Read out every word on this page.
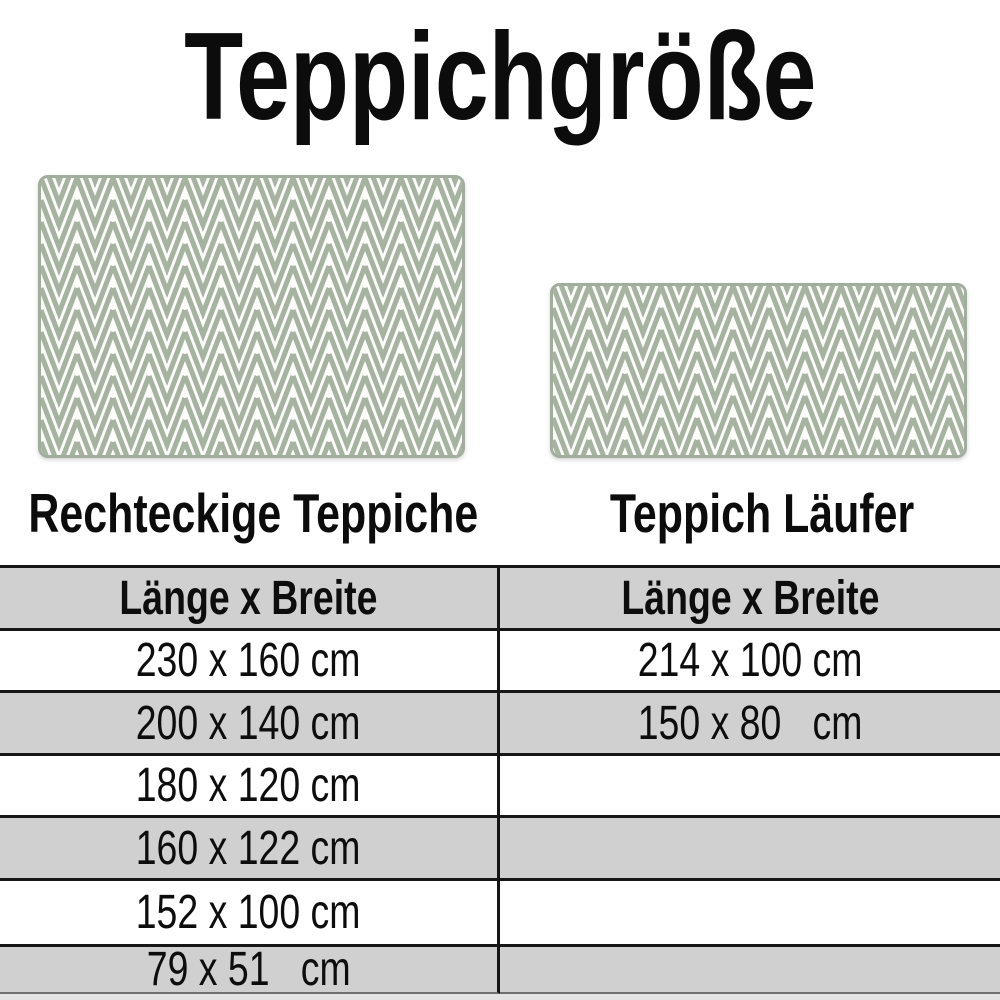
Teppichgröße
Rechteckige Teppiche Teppich Läufer
Länge x Breite	Länge x Breite
230 x 160 cm	214 x 100 cm
200 x 140 cm	150 x 80   cm
180 x 120 cm
160 x 122 cm
152 x 100 cm
79 x 51   cm
